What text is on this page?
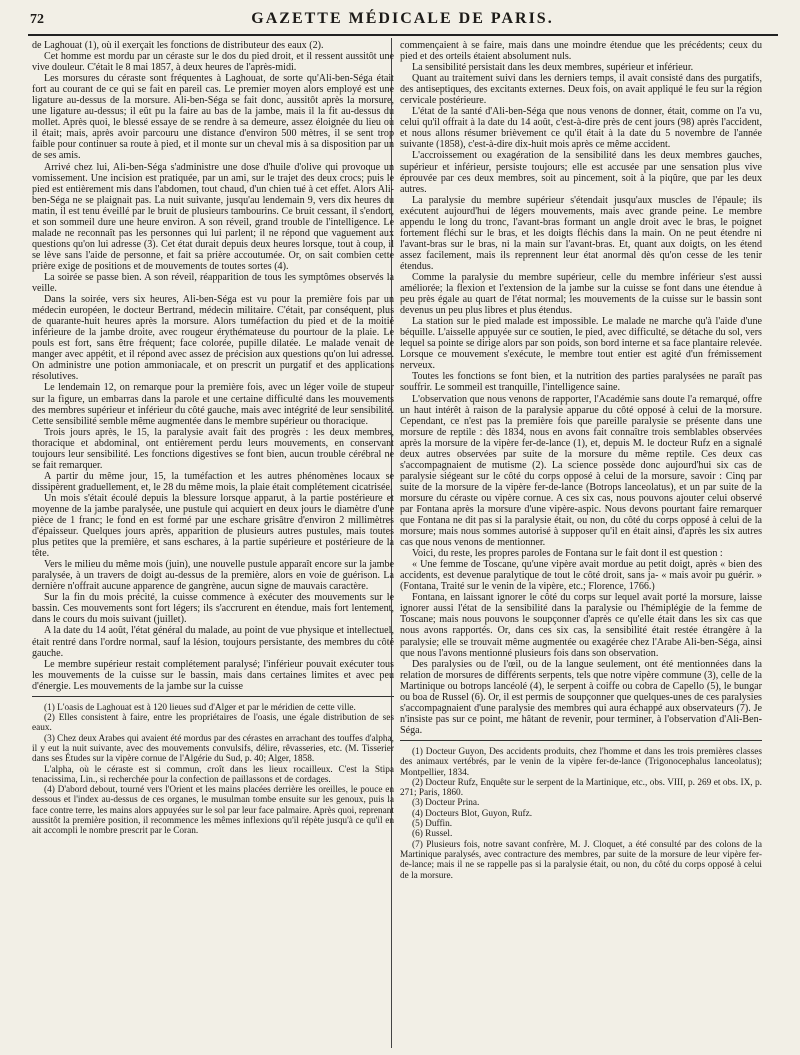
72	GAZETTE MÉDICALE DE PARIS.

de Laghouat (1), où il exerçait les fonctions de distributeur des eaux (2).

Cet homme est mordu par un céraste sur le dos du pied droit, et il ressent aussitôt une vive douleur. C'était le 8 mai 1857, à deux heures de l'après-midi.

Les morsures du céraste sont fréquentes à Laghouat, de sorte qu'Ali-ben-Séga était fort au courant de ce qui se fait en pareil cas. Le premier moyen alors employé est une ligature au-dessus de la morsure. Ali-ben-Séga se fait donc, aussitôt après la morsure, une ligature au-dessus; il eût pu la faire au bas de la jambe, mais il la fit au-dessus du mollet. Après quoi, le blessé essaye de se rendre à sa demeure, assez éloignée du lieu où il était; mais, après avoir parcouru une distance d'environ 500 mètres, il se sent trop faible pour continuer sa route à pied, et il monte sur un cheval mis à sa disposition par un de ses amis.

Arrivé chez lui, Ali-ben-Séga s'administre une dose d'huile d'olive qui provoque un vomissement. Une incision est pratiquée, par un ami, sur le trajet des deux crocs; puis le pied est entièrement mis dans l'abdomen, tout chaud, d'un chien tué à cet effet. Alors Ali-ben-Séga ne se plaignait pas. La nuit suivante, jusqu'au lendemain 9, vers dix heures du matin, il est tenu éveillé par le bruit de plusieurs tambourins. Ce bruit cessant, il s'endort, et son sommeil dure une heure environ. A son réveil, grand trouble de l'intelligence. Le malade ne reconnaît pas les personnes qui lui parlent; il ne répond que vaguement aux questions qu'on lui adresse (3). Cet état durait depuis deux heures lorsque, tout à coup, il se lève sans l'aide de personne, et fait sa prière accoutumée. Or, on sait combien cette prière exige de positions et de mouvements de toutes sortes (4).

La soirée se passe bien. A son réveil, réapparition de tous les symptômes observés la veille.

Dans la soirée, vers six heures, Ali-ben-Séga est vu pour la première fois par un médecin européen, le docteur Bertrand, médecin militaire. C'était, par conséquent, plus de quarante-huit heures après la morsure. Alors tuméfaction du pied et de la moitié inférieure de la jambe droite, avec rougeur érythémateuse du pourtour de la plaie. Le pouls est fort, sans être fréquent; face colorée, pupille dilatée. Le malade venait de manger avec appétit, et il répond avec assez de précision aux questions qu'on lui adresse. On administre une potion ammoniacale, et on prescrit un purgatif et des applications résolutives.

Le lendemain 12, on remarque pour la première fois, avec un léger voile de stupeur sur la figure, un embarras dans la parole et une certaine difficulté dans les mouvements des membres supérieur et inférieur du côté gauche, mais avec intégrité de leur sensibilité. Cette sensibilité semble même augmentée dans le membre supérieur ou thoracique.

Trois jours après, le 15, la paralysie avait fait des progrès : les deux membres, thoracique et abdominal, ont entièrement perdu leurs mouvements, en conservant toujours leur sensibilité. Les fonctions digestives se font bien, aucun trouble cérébral ne se fait remarquer.

A partir du même jour, 15, la tuméfaction et les autres phénomènes locaux se dissipèrent graduellement, et, le 28 du même mois, la plaie était complétement cicatrisée.

Un mois s'était écoulé depuis la blessure lorsque apparut, à la partie postérieure et moyenne de la jambe paralysée, une pustule qui acquiert en deux jours le diamètre d'une pièce de 1 franc; le fond en est formé par une eschare grisâtre d'environ 2 millimètres d'épaisseur. Quelques jours après, apparition de plusieurs autres pustules, mais toutes plus petites que la première, et sans eschares, à la partie supérieure et postérieure de la tête.

Vers le milieu du même mois (juin), une nouvelle pustule apparaît encore sur la jambe paralysée, à un travers de doigt au-dessus de la première, alors en voie de guérison. La dernière n'offrait aucune apparence de gangrène, aucun signe de mauvais caractère.

Sur la fin du mois précité, la cuisse commence à exécuter des mouvements sur le bassin. Ces mouvements sont fort légers; ils s'accrurent en étendue, mais fort lentement, dans le cours du mois suivant (juillet).

A la date du 14 août, l'état général du malade, au point de vue physique et intellectuel, était rentré dans l'ordre normal, sauf la lésion, toujours persistante, des membres du côté gauche.

Le membre supérieur restait complétement paralysé; l'inférieur pouvait exécuter tous les mouvements de la cuisse sur le bassin, mais dans certaines limites et avec peu d'énergie. Les mouvements de la jambe sur la cuisse

(1) L'oasis de Laghouat est à 120 lieues sud d'Alger et par le méridien de cette ville.

(2) Elles consistent à faire, entre les propriétaires de l'oasis, une égale distribution de ses eaux.

(3) Chez deux Arabes qui avaient été mordus par des cérastes en arrachant des touffes d'alpha, il y eut la nuit suivante, avec des mouvements convulsifs, délire, rêvasseries, etc. (M. Tisserier dans ses Études sur la vipère cornue de l'Algérie du Sud, p. 40; Alger, 1858.

L'alpha, où le céraste est si commun, croît dans les lieux rocailleux. C'est la Stipa tenacissima, Lin., si recherchée pour la confection de paillassons et de cordages.

(4) D'abord debout, tourné vers l'Orient et les mains placées derrière les oreilles, le pouce en dessous et l'index au-dessus de ces organes, le musulman tombe ensuite sur les genoux, puis la face contre terre, les mains alors appuyées sur le sol par leur face palmaire. Après quoi, reprenant aussitôt la première position, il recommence les mêmes inflexions qu'il répète jusqu'à ce qu'il en ait accompli le nombre prescrit par le Coran.

commençaient à se faire, mais dans une moindre étendue que les précédents; ceux du pied et des orteils étaient absolument nuls.

La sensibilité persistait dans les deux membres, supérieur et inférieur.

Quant au traitement suivi dans les derniers temps, il avait consisté dans des purgatifs, des antiseptiques, des excitants externes. Deux fois, on avait appliqué le feu sur la région cervicale postérieure.

L'état de la santé d'Ali-ben-Séga que nous venons de donner, était, comme on l'a vu, celui qu'il offrait à la date du 14 août, c'est-à-dire près de cent jours (98) après l'accident, et nous allons résumer brièvement ce qu'il était à la date du 5 novembre de l'année suivante (1858), c'est-à-dire dix-huit mois après ce même accident.

L'accroissement ou exagération de la sensibilité dans les deux membres gauches, supérieur et inférieur, persiste toujours; elle est accusée par une sensation plus vive éprouvée par ces deux membres, soit au pincement, soit à la piqûre, que par les deux autres.

La paralysie du membre supérieur s'étendait jusqu'aux muscles de l'épaule; ils exécutent aujourd'hui de légers mouvements, mais avec grande peine. Le membre appendu le long du tronc, l'avant-bras formant un angle droit avec le bras, le poignet fortement fléchi sur le bras, et les doigts fléchis dans la main. On ne peut étendre ni l'avant-bras sur le bras, ni la main sur l'avant-bras. Et, quant aux doigts, on les étend assez facilement, mais ils reprennent leur état anormal dès qu'on cesse de les tenir étendus.

Comme la paralysie du membre supérieur, celle du membre inférieur s'est aussi améliorée; la flexion et l'extension de la jambe sur la cuisse se font dans une étendue à peu près égale au quart de l'état normal; les mouvements de la cuisse sur le bassin sont devenus un peu plus libres et plus étendus.

La station sur le pied malade est impossible. Le malade ne marche qu'à l'aide d'une béquille. L'aisselle appuyée sur ce soutien, le pied, avec difficulté, se détache du sol, vers lequel sa pointe se dirige alors par son poids, son bord interne et sa face plantaire relevée. Lorsque ce mouvement s'exécute, le membre tout entier est agité d'un frémissement nerveux.

Toutes les fonctions se font bien, et la nutrition des parties paralysées ne paraît pas souffrir. Le sommeil est tranquille, l'intelligence saine.

L'observation que nous venons de rapporter, l'Académie sans doute l'a remarqué, offre un haut intérêt à raison de la paralysie apparue du côté opposé à celui de la morsure. Cependant, ce n'est pas la première fois que pareille paralysie se présente dans une morsure de reptile : dès 1834, nous en avons fait connaître trois semblables observées après la morsure de la vipère fer-de-lance (1), et, depuis M. le docteur Rufz en a signalé deux autres observées par suite de la morsure du même reptile. Ces deux cas s'accompagnaient de mutisme (2). La science possède donc aujourd'hui six cas de paralysie siégeant sur le côté du corps opposé à celui de la morsure, savoir : Cinq par suite de la morsure de la vipère fer-de-lance (Botrops lanceolatus), et un par suite de la morsure du céraste ou vipère cornue. A ces six cas, nous pouvons ajouter celui observé par Fontana après la morsure d'une vipère-aspic. Nous devons pourtant faire remarquer que Fontana ne dit pas si la paralysie était, ou non, du côté du corps opposé à celui de la morsure; mais nous sommes autorisé à supposer qu'il en était ainsi, d'après les six autres cas que nous venons de mentionner.

Voici, du reste, les propres paroles de Fontana sur le fait dont il est question :

« Une femme de Toscane, qu'une vipère avait mordue au petit doigt, après « bien des accidents, est devenue paralytique de tout le côté droit, sans ja- « mais avoir pu guérir. » (Fontana, Traité sur le venin de la vipère, etc.; Florence, 1766.)

Fontana, en laissant ignorer le côté du corps sur lequel avait porté la morsure, laisse ignorer aussi l'état de la sensibilité dans la paralysie ou l'hémiplégie de la femme de Toscane; mais nous pouvons le soupçonner d'après ce qu'elle était dans les six cas que nous avons rapportés. Or, dans ces six cas, la sensibilité était restée étrangère à la paralysie; elle se trouvait même augmentée ou exagérée chez l'Arabe Ali-ben-Séga, ainsi que nous l'avons mentionné plusieurs fois dans son observation.

Des paralysies ou de l'œil, ou de la langue seulement, ont été mentionnées dans la relation de morsures de différents serpents, tels que notre vipère commune (3), celle de la Martinique ou botrops lancéolé (4), le serpent à coiffe ou cobra de Capello (5), le bungar ou boa de Russel (6). Or, il est permis de soupçonner que quelques-unes de ces paralysies s'accompagnaient d'une paralysie des membres qui aura échappé aux observateurs (7). Je n'insiste pas sur ce point, me hâtant de revenir, pour terminer, à l'observation d'Ali-Ben-Séga.

(1) Docteur Guyon, Des accidents produits, chez l'homme et dans les trois premières classes des animaux vertébrés, par le venin de la vipère fer-de-lance (Trigonocephalus lanceolatus); Montpellier, 1834.

(2) Docteur Rufz, Enquête sur le serpent de la Martinique, etc., obs. VIII, p. 269 et obs. IX, p. 271; Paris, 1860.

(3) Docteur Prina.

(4) Docteurs Blot, Guyon, Rufz.

(5) Duffin.

(6) Russel.

(7) Plusieurs fois, notre savant confrère, M. J. Cloquet, a été consulté par des colons de la Martinique paralysés, avec contracture des membres, par suite de la morsure de leur vipère fer-de-lance; mais il ne se rappelle pas si la paralysie était, ou non, du côté du corps opposé à celui de la morsure.
